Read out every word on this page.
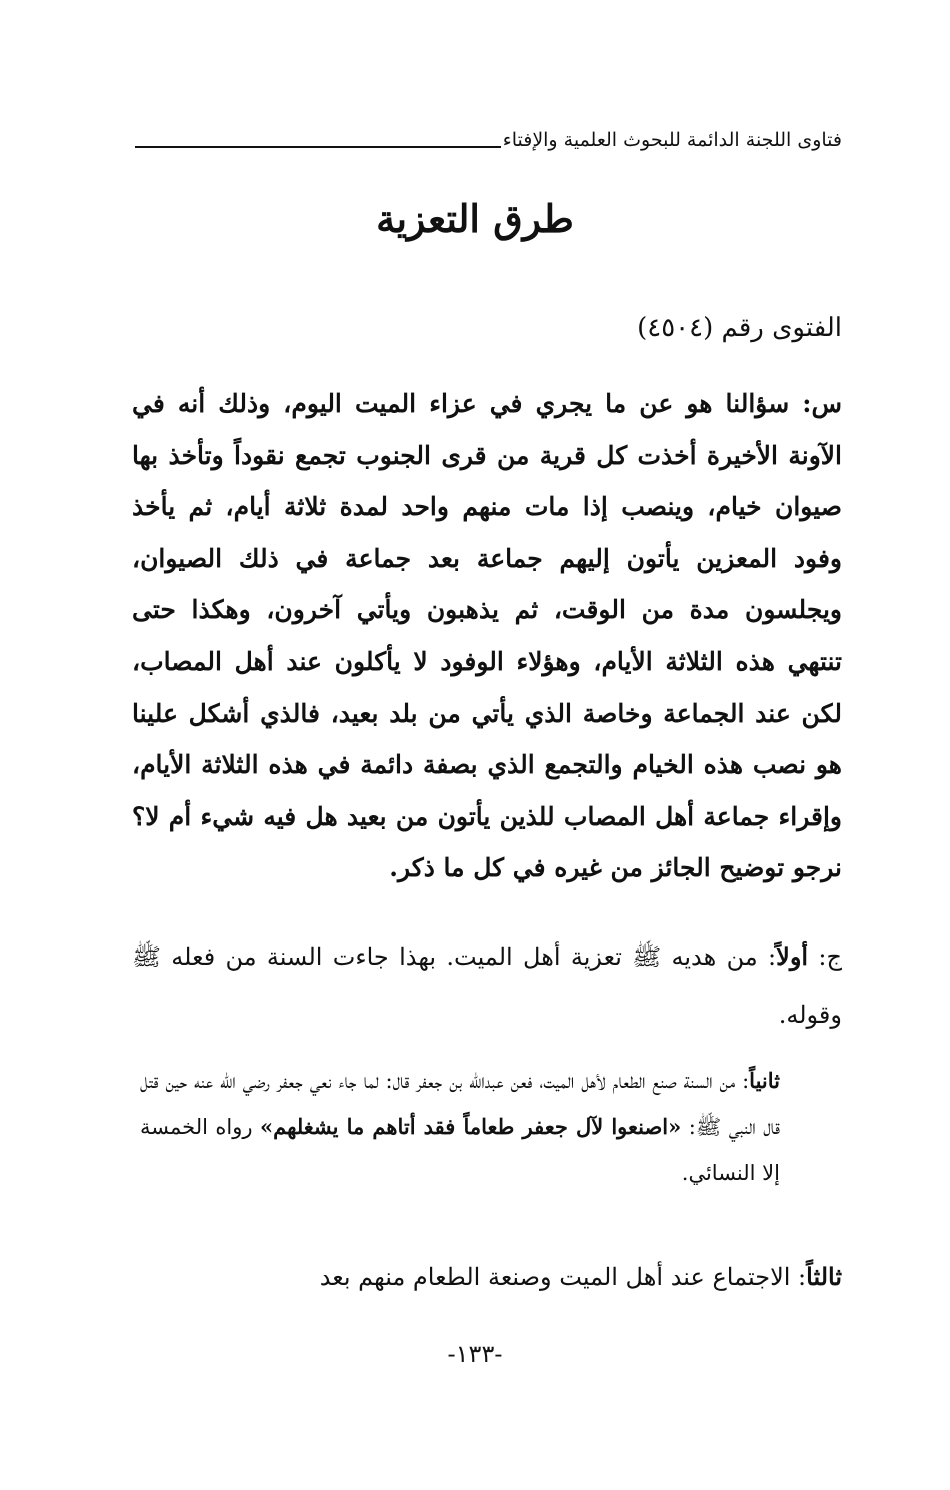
فتاوى اللجنة الدائمة للبحوث العلمية والإفتاء
طرق التعزية
الفتوى رقم (٤٥٠٤)

س: سؤالنا هو عن ما يجري في عزاء الميت اليوم، وذلك أنه في الآونة الأخيرة أخذت كل قرية من قرى الجنوب تجمع نقوداً وتأخذ بها صيوان خيام، وينصب إذا مات منهم واحد لمدة ثلاثة أيام، ثم يأخذ وفود المعزين يأتون إليهم جماعة بعد جماعة في ذلك الصيوان، ويجلسون مدة من الوقت، ثم يذهبون ويأتي آخرون، وهكذا حتى تنتهي هذه الثلاثة الأيام، وهؤلاء الوفود لا يأكلون عند أهل المصاب، لكن عند الجماعة وخاصة الذي يأتي من بلد بعيد، فالذي أشكل علينا هو نصب هذه الخيام والتجمع الذي بصفة دائمة في هذه الثلاثة الأيام، وإقراء جماعة أهل المصاب للذين يأتون من بعيد هل فيه شيء أم لا؟ نرجو توضيح الجائز من غيره في كل ما ذكر.

ج: أولاً: من هديه ﷺ تعزية أهل الميت. بهذا جاءت السنة من فعله ﷺ وقوله.

ثانياً: من السنة صنع الطعام لأهل الميت، فعن عبدالله بن جعفر قال: لما جاء نعي جعفر رضي الله عنه حين قتل قال النبي ﷺ: «اصنعوا لآل جعفر طعاماً فقد أتاهم ما يشغلهم» رواه الخمسة إلا النسائي.

ثالثاً: الاجتماع عند أهل الميت وصنعة الطعام منهم بعد

-١٣٣-
